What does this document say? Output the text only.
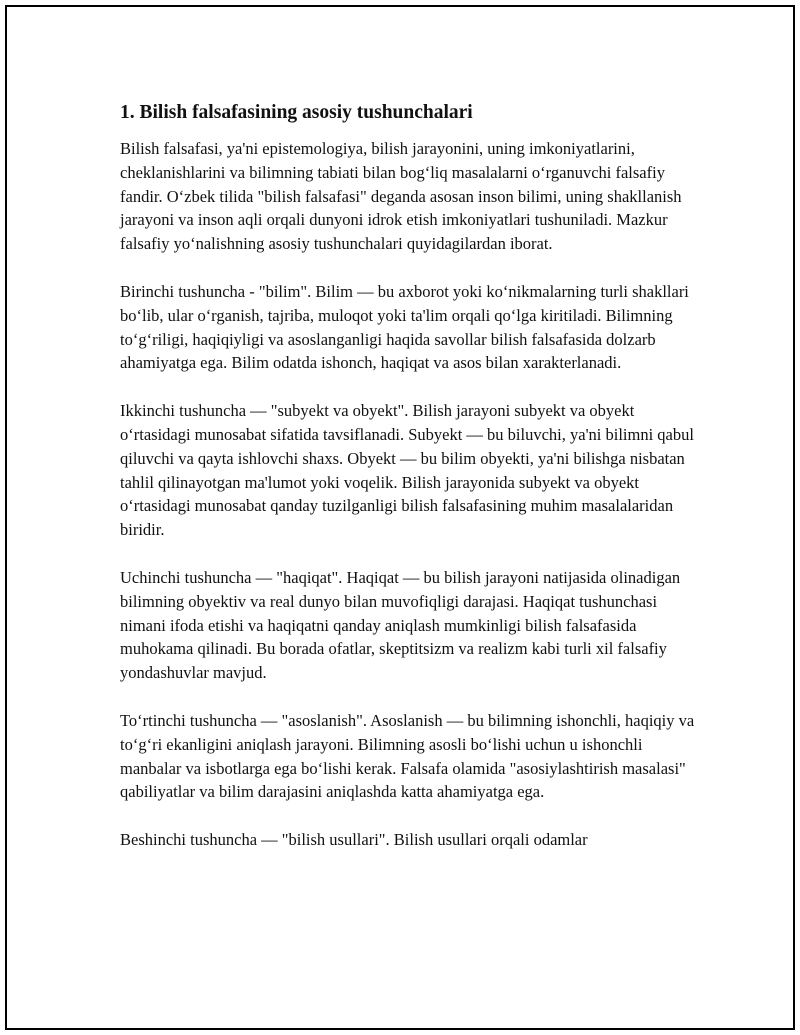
1. Bilish falsafasining asosiy tushunchalari

Bilish falsafasi, ya'ni epistemologiya, bilish jarayonini, uning imkoniyatlarini, cheklanishlarini va bilimning tabiati bilan bog‘liq masalalarni o‘rganuvchi falsafiy fandir. O‘zbek tilida "bilish falsafasi" deganda asosan inson bilimi, uning shakllanish jarayoni va inson aqli orqali dunyoni idrok etish imkoniyatlari tushuniladi. Mazkur falsafiy yo‘nalishning asosiy tushunchalari quyidagilardan iborat.

Birinchi tushuncha - "bilim". Bilim — bu axborot yoki ko‘nikmalarning turli shakllari bo‘lib, ular o‘rganish, tajriba, muloqot yoki ta'lim orqali qo‘lga kiritiladi. Bilimning to‘g‘riligi, haqiqiyligi va asoslanganligi haqida savollar bilish falsafasida dolzarb ahamiyatga ega. Bilim odatda ishonch, haqiqat va asos bilan xarakterlanadi.

Ikkinchi tushuncha — "subyekt va obyekt". Bilish jarayoni subyekt va obyekt o‘rtasidagi munosabat sifatida tavsiflanadi. Subyekt — bu biluvchi, ya'ni bilimni qabul qiluvchi va qayta ishlovchi shaxs. Obyekt — bu bilim obyekti, ya'ni bilishga nisbatan tahlil qilinayotgan ma'lumot yoki voqelik. Bilish jarayonida subyekt va obyekt o‘rtasidagi munosabat qanday tuzilganligi bilish falsafasining muhim masalalaridan biridir.

Uchinchi tushuncha — "haqiqat". Haqiqat — bu bilish jarayoni natijasida olinadigan bilimning obyektiv va real dunyo bilan muvofiqligi darajasi. Haqiqat tushunchasi nimani ifoda etishi va haqiqatni qanday aniqlash mumkinligi bilish falsafasida muhokama qilinadi. Bu borada ofatlar, skeptitsizm va realizm kabi turli xil falsafiy yondashuvlar mavjud.

To‘rtinchi tushuncha — "asoslanish". Asoslanish — bu bilimning ishonchli, haqiqiy va to‘g‘ri ekanligini aniqlash jarayoni. Bilimning asosli bo‘lishi uchun u ishonchli manbalar va isbotlarga ega bo‘lishi kerak. Falsafa olamida "asosiylashtirish masalasi" qabiliyatlar va bilim darajasini aniqlashda katta ahamiyatga ega.

Beshinchi tushuncha — "bilish usullari". Bilish usullari orqali odamlar
